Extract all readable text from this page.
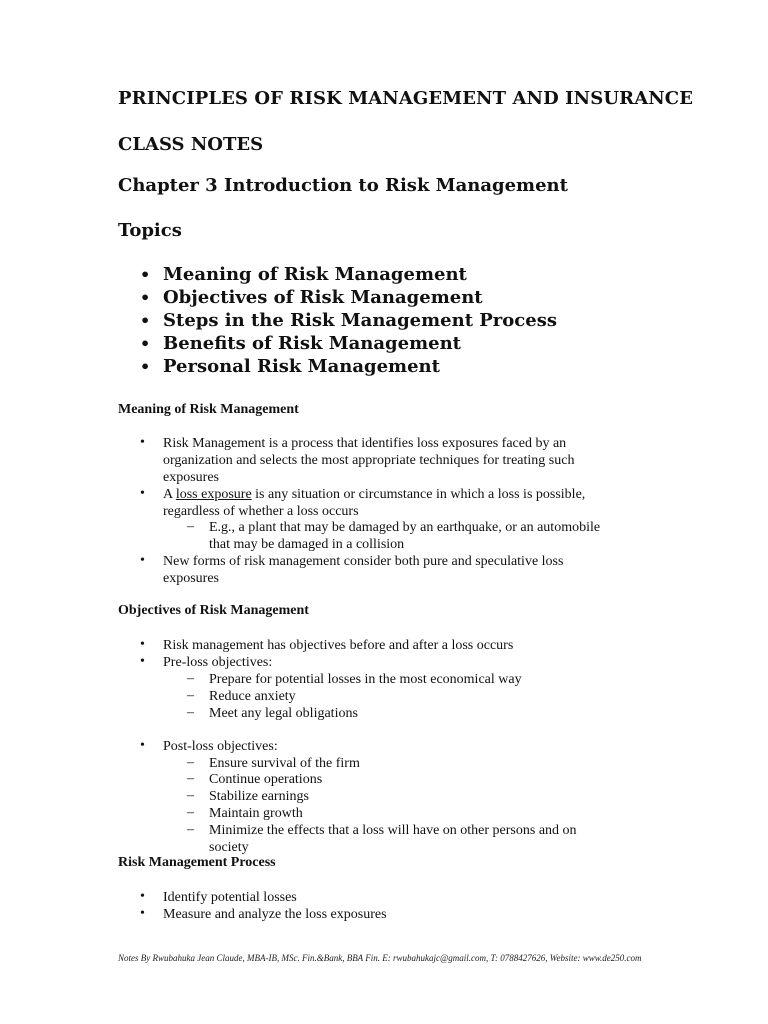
PRINCIPLES OF RISK MANAGEMENT AND INSURANCE
CLASS NOTES
Chapter 3 Introduction to Risk Management
Topics
• Meaning of Risk Management
• Objectives of Risk Management
• Steps in the Risk Management Process
• Benefits of Risk Management
• Personal Risk Management
Meaning of Risk Management
• Risk Management is a process that identifies loss exposures faced by an
organization and selects the most appropriate techniques for treating such
exposures
• A loss exposure is any situation or circumstance in which a loss is possible,
regardless of whether a loss occurs
– E.g., a plant that may be damaged by an earthquake, or an automobile
that may be damaged in a collision
• New forms of risk management consider both pure and speculative loss
exposures
Objectives of Risk Management
• Risk management has objectives before and after a loss occurs
• Pre-loss objectives:
– Prepare for potential losses in the most economical way
– Reduce anxiety
– Meet any legal obligations
• Post-loss objectives:
– Ensure survival of the firm
– Continue operations
– Stabilize earnings
– Maintain growth
– Minimize the effects that a loss will have on other persons and on
society
Risk Management Process
• Identify potential losses
• Measure and analyze the loss exposures
Notes By Rwubahuka Jean Claude, MBA-IB, MSc. Fin.&Bank, BBA Fin. E: rwubahukajc@gmail.com, T: 0788427626, Website: www.de250.com
